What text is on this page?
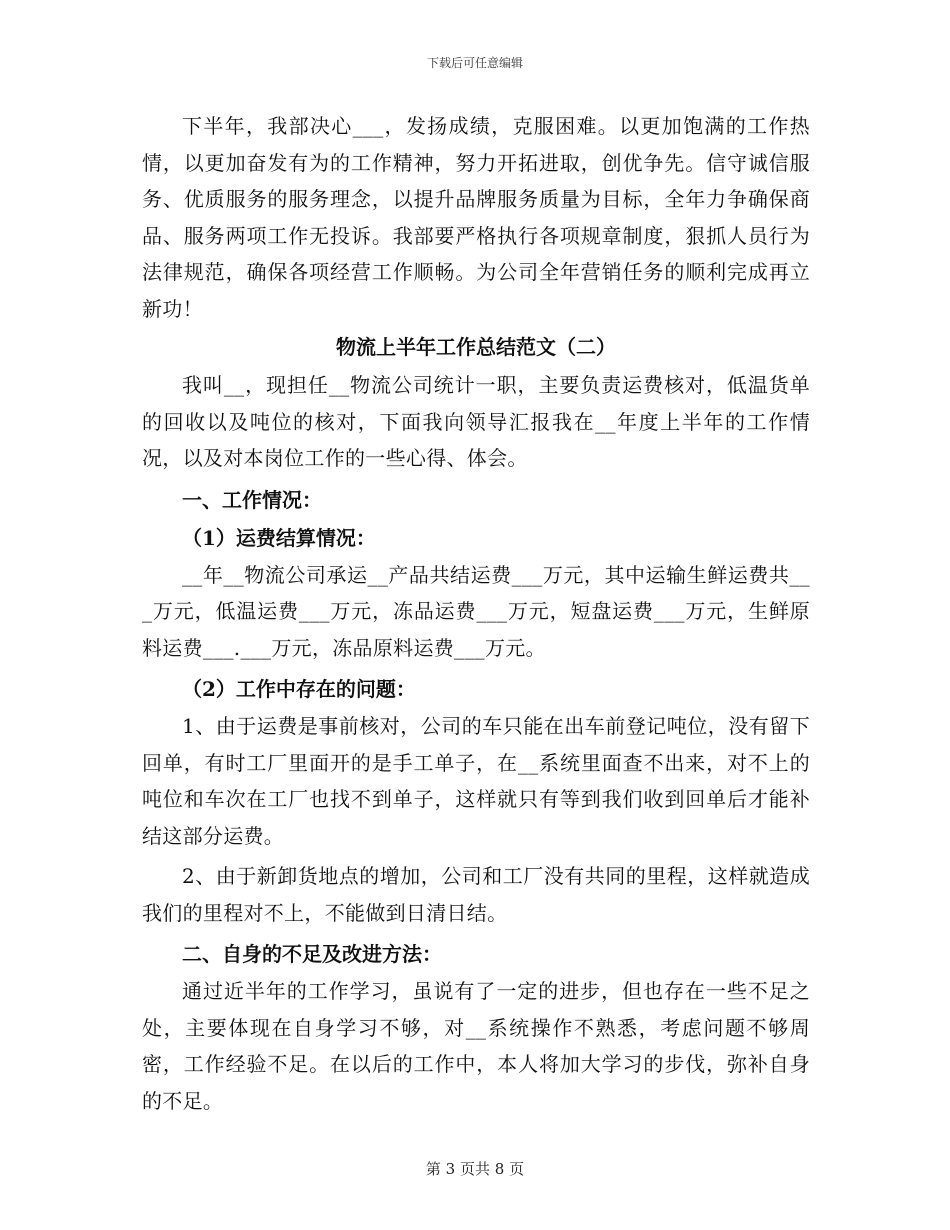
下载后可任意编辑

下半年，我部决心___，发扬成绩，克服困难。以更加饱满的工作热情，以更加奋发有为的工作精神，努力开拓进取，创优争先。信守诚信服务、优质服务的服务理念，以提升品牌服务质量为目标，全年力争确保商品、服务两项工作无投诉。我部要严格执行各项规章制度，狠抓人员行为法律规范，确保各项经营工作顺畅。为公司全年营销任务的顺利完成再立新功！

物流上半年工作总结范文（二）

我叫__，现担任__物流公司统计一职，主要负责运费核对，低温货单的回收以及吨位的核对，下面我向领导汇报我在__年度上半年的工作情况，以及对本岗位工作的一些心得、体会。

一、工作情况：

（1）运费结算情况：

__年__物流公司承运__产品共结运费___万元，其中运输生鲜运费共___万元，低温运费___万元，冻品运费___万元，短盘运费___万元，生鲜原料运费___.___万元，冻品原料运费___万元。

（2）工作中存在的问题：

1、由于运费是事前核对，公司的车只能在出车前登记吨位，没有留下回单，有时工厂里面开的是手工单子，在__系统里面查不出来，对不上的吨位和车次在工厂也找不到单子，这样就只有等到我们收到回单后才能补结这部分运费。

2、由于新卸货地点的增加，公司和工厂没有共同的里程，这样就造成我们的里程对不上，不能做到日清日结。

二、自身的不足及改进方法：

通过近半年的工作学习，虽说有了一定的进步，但也存在一些不足之处，主要体现在自身学习不够，对__系统操作不熟悉，考虑问题不够周密，工作经验不足。在以后的工作中，本人将加大学习的步伐，弥补自身的不足。

第 3 页共 8 页
